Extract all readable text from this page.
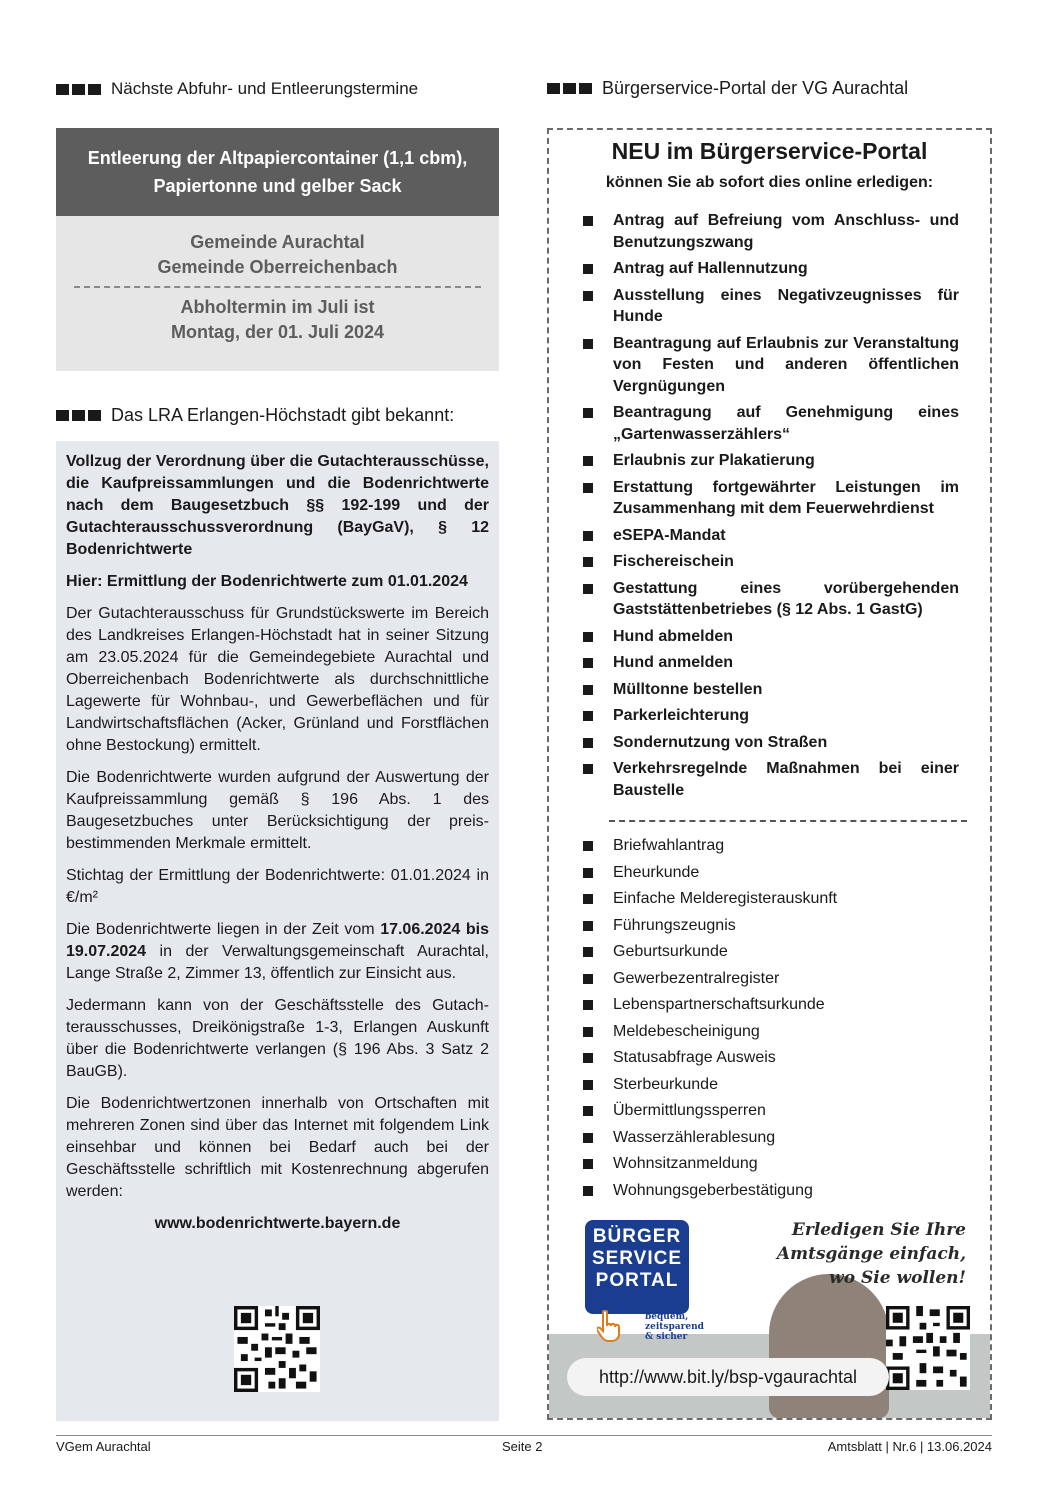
Nächste Abfuhr- und Entleerungstermine
Entleerung der Altpapiercontainer (1,1 cbm),
Papiertonne und gelber Sack
Gemeinde Aurachtal
Gemeinde Oberreichenbach
Abholtermin im Juli ist
Montag, der 01. Juli 2024
Das LRA Erlangen-Höchstadt gibt bekannt:

Vollzug der Verordnung über die Gutachterausschüsse, die Kaufpreissammlungen und die Bodenrichtwerte nach dem Baugesetzbuch §§ 192-199 und der Gutachterausschussverordnung (BayGaV), § 12 Bodenrichtwerte

Hier: Ermittlung der Bodenrichtwerte zum 01.01.2024

Der Gutachterausschuss für Grundstückswerte im Bereich des Landkreises Erlangen-Höchstadt hat in seiner Sitzung am 23.05.2024 für die Gemeindegebiete Aurachtal und Oberreichenbach Bodenrichtwerte als durchschnittliche Lagewerte für Wohnbau-, und Gewerbeflächen und für Landwirtschaftsflächen (Acker, Grünland und Forstflächen ohne Bestockung) ermittelt.

Die Bodenrichtwerte wurden aufgrund der Auswertung der Kaufpreissammlung gemäß § 196 Abs. 1 des Baugesetzbuches unter Berücksichtigung der preisbestimmenden Merkmale ermittelt.

Stichtag der Ermittlung der Bodenrichtwerte: 01.01.2024 in €/m²

Die Bodenrichtwerte liegen in der Zeit vom 17.06.2024 bis 19.07.2024 in der Verwaltungsgemeinschaft Aurachtal, Lange Straße 2, Zimmer 13, öffentlich zur Einsicht aus.

Jedermann kann von der Geschäftsstelle des Gutachterausschusses, Dreikönigstraße 1-3, Erlangen Auskunft über die Bodenrichtwerte verlangen (§ 196 Abs. 3 Satz 2 BauGB).

Die Bodenrichtwertzonen innerhalb von Ortschaften mit mehreren Zonen sind über das Internet mit folgendem Link einsehbar und können bei Bedarf auch bei der Geschäftsstelle schriftlich mit Kostenrechnung abgerufen werden:

www.bodenrichtwerte.bayern.de
Bürgerservice-Portal der VG Aurachtal
NEU im Bürgerservice-Portal
können Sie ab sofort dies online erledigen:
Antrag auf Befreiung vom Anschluss- und Benutzungszwang
Antrag auf Hallennutzung
Ausstellung eines Negativzeugnisses für Hunde
Beantragung auf Erlaubnis zur Veranstaltung von Festen und anderen öffentlichen Vergnügungen
Beantragung auf Genehmigung eines „Gartenwasserzählers“
Erlaubnis zur Plakatierung
Erstattung fortgewährter Leistungen im Zusammenhang mit dem Feuerwehrdienst
eSEPA-Mandat
Fischereischein
Gestattung eines vorübergehenden Gaststättenbetriebes (§ 12 Abs. 1 GastG)
Hund abmelden
Hund anmelden
Mülltonne bestellen
Parkerleichterung
Sondernutzung von Straßen
Verkehrsregelnde Maßnahmen bei einer Baustelle
Briefwahlantrag
Eheurkunde
Einfache Melderegisterauskunft
Führungszeugnis
Geburtsurkunde
Gewerbezentralregister
Lebenspartnerschaftsurkunde
Meldebescheinigung
Statusabfrage Ausweis
Sterbeurkunde
Übermittlungssperren
Wasserzählerablesung
Wohnsitzanmeldung
Wohnungsgeberbestätigung
BÜRGER
SERVICE
PORTAL
bequem,
zeitsparend
& sicher
Erledigen Sie Ihre
Amtsgänge einfach,
wo Sie wollen!
http://www.bit.ly/bsp-vgaurachtal
VGem Aurachtal	Seite 2	Amtsblatt | Nr.6 | 13.06.2024
